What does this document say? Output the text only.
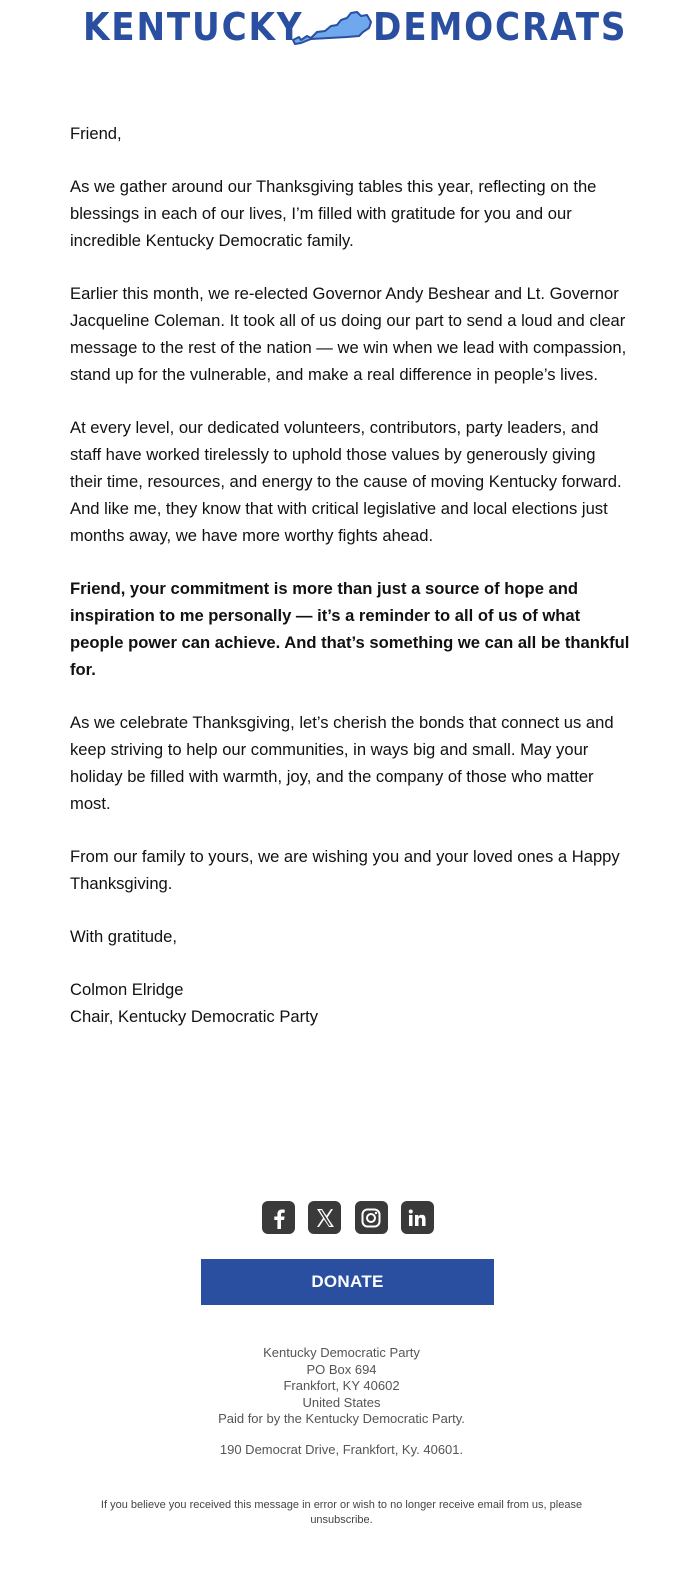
KENTUCKY DEMOCRATS

Friend,

As we gather around our Thanksgiving tables this year, reflecting on the blessings in each of our lives, I’m filled with gratitude for you and our incredible Kentucky Democratic family.

Earlier this month, we re-elected Governor Andy Beshear and Lt. Governor Jacqueline Coleman. It took all of us doing our part to send a loud and clear message to the rest of the nation — we win when we lead with compassion, stand up for the vulnerable, and make a real difference in people’s lives.

At every level, our dedicated volunteers, contributors, party leaders, and staff have worked tirelessly to uphold those values by generously giving their time, resources, and energy to the cause of moving Kentucky forward. And like me, they know that with critical legislative and local elections just months away, we have more worthy fights ahead.

Friend, your commitment is more than just a source of hope and inspiration to me personally — it’s a reminder to all of us of what people power can achieve. And that’s something we can all be thankful for.

As we celebrate Thanksgiving, let’s cherish the bonds that connect us and keep striving to help our communities, in ways big and small. May your holiday be filled with warmth, joy, and the company of those who matter most.

From our family to yours, we are wishing you and your loved ones a Happy Thanksgiving.

With gratitude,

Colmon Elridge
Chair, Kentucky Democratic Party

DONATE
Kentucky Democratic Party
PO Box 694
Frankfort, KY 40602
United States
Paid for by the Kentucky Democratic Party.
190 Democrat Drive, Frankfort, Ky. 40601.
If you believe you received this message in error or wish to no longer receive email from us, please
unsubscribe.
